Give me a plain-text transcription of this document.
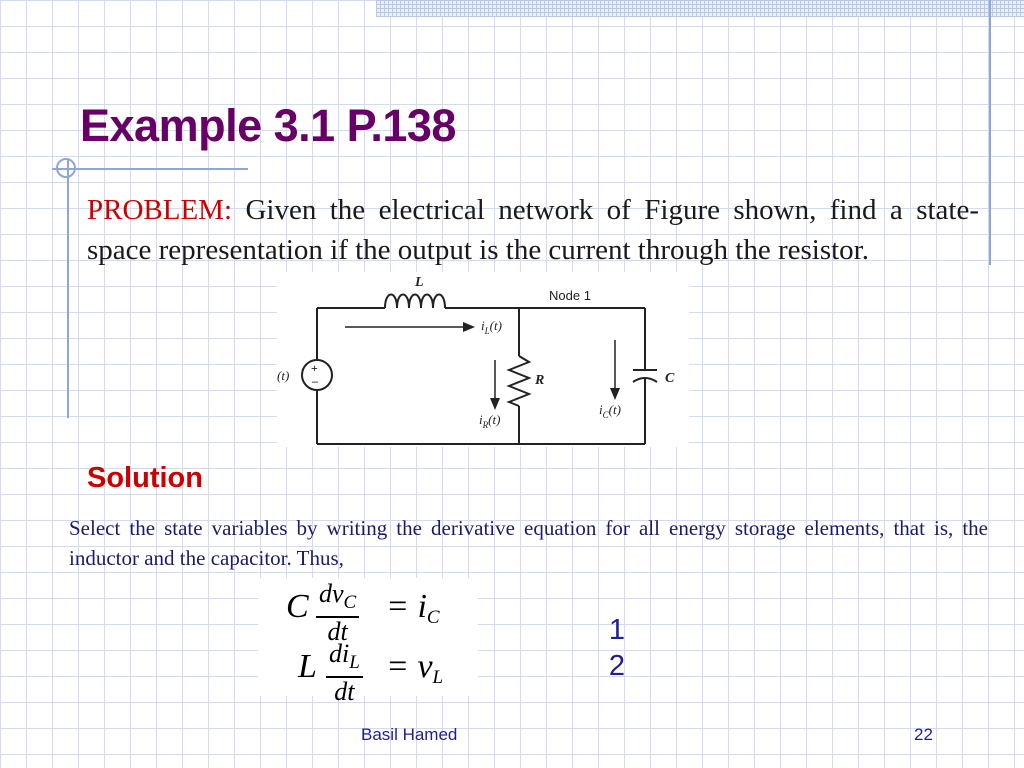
Example 3.1 P.138

PROBLEM: Given the electrical network of Figure shown, find a state-space representation if the output is the current through the resistor.

+
–
(t)
L
Node 1
$i_L(t)$
R
$i_R(t)$
C
$i_C(t)$
Solution

Select the state variables by writing the derivative equation for all energy storage elements, that is, the inductor and the capacitor. Thus,

C $dv_C$
dt
= iC
L $di_L$
dt
= vL
1
2
Basil Hamed	22
